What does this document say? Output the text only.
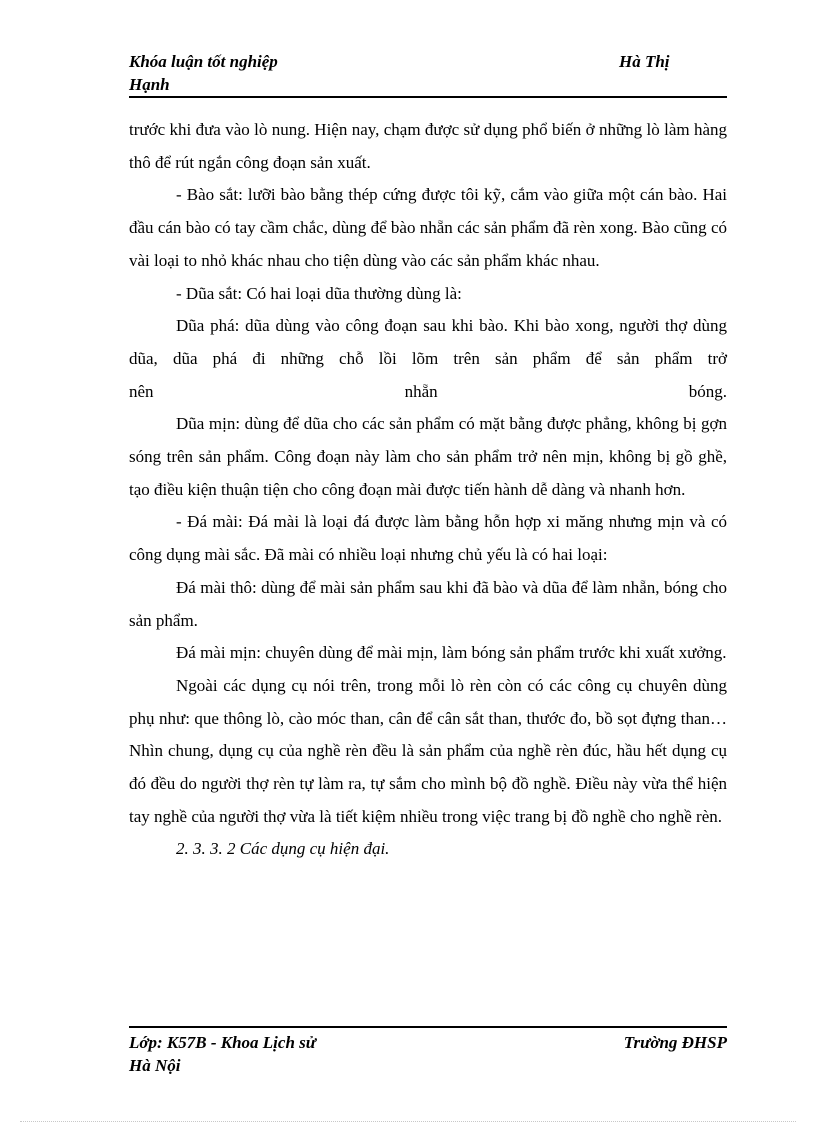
Khóa luận tốt nghiệp	Hà Thị
Hạnh

trước khi đưa vào lò nung. Hiện nay, chạm được sử dụng phổ biến ở những lò làm hàng thô để rút ngắn công đoạn sản xuất.

- Bào sắt: lưỡi bào bằng thép cứng được tôi kỹ, cắm vào giữa một cán bào. Hai đầu cán bào có tay cầm chắc, dùng để bào nhẵn các sản phẩm đã rèn xong. Bào cũng có vài loại to nhỏ khác nhau cho tiện dùng vào các sản phẩm khác nhau.

- Dũa sắt: Có hai loại dũa thường dùng là:

Dũa phá: dũa dùng vào công đoạn sau khi bào. Khi bào xong, người thợ dùng dũa, dũa phá đi những chỗ lồi lõm trên sản phẩm để sản phẩm trở

nên nhẵn bóng.

Dũa mịn: dùng để dũa cho các sản phẩm có mặt bằng được phẳng, không bị gợn sóng trên sản phẩm. Công đoạn này làm cho sản phẩm trở nên mịn, không bị gồ ghề, tạo điều kiện thuận tiện cho công đoạn mài được tiến hành dễ dàng và nhanh hơn.

- Đá mài: Đá mài là loại đá được làm bằng hỗn hợp xi măng nhưng mịn và có công dụng mài sắc. Đã mài có nhiều loại nhưng chủ yếu là có hai loại:

Đá mài thô: dùng để mài sản phẩm sau khi đã bào và dũa để làm nhẵn, bóng cho sản phẩm.

Đá mài mịn: chuyên dùng để mài mịn, làm bóng sản phẩm trước khi xuất xưởng.

Ngoài các dụng cụ nói trên, trong mỗi lò rèn còn có các công cụ chuyên dùng phụ như: que thông lò, cào móc than, cân để cân sắt than, thước đo, bồ sọt đựng than…Nhìn chung, dụng cụ của nghề rèn đều là sản phẩm của nghề rèn đúc, hầu hết dụng cụ đó đều do người thợ rèn tự làm ra, tự sắm cho mình bộ đồ nghề. Điều này vừa thể hiện tay nghề của người thợ vừa là tiết kiệm nhiều trong việc trang bị đồ nghề cho nghề rèn.

2. 3. 3. 2 Các dụng cụ hiện đại.

Lớp: K57B - Khoa Lịch sử	Trường ĐHSP
Hà Nội
